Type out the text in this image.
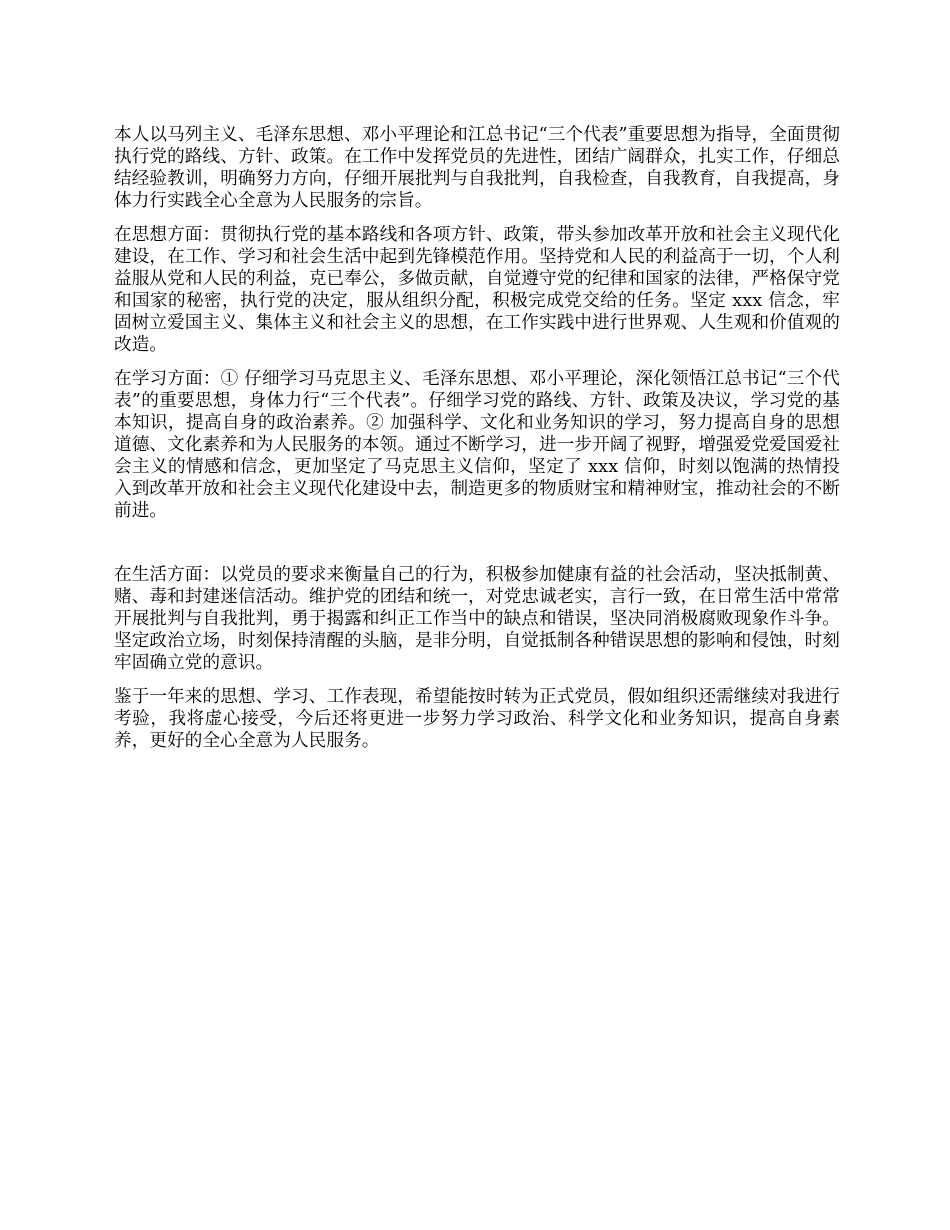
本人以马列主义、毛泽东思想、邓小平理论和江总书记“三个代表”重要思想为指导，全面贯彻执行党的路线、方针、政策。在工作中发挥党员的先进性，团结广阔群众，扎实工作，仔细总结经验教训，明确努力方向，仔细开展批判与自我批判，自我检查，自我教育，自我提高，身体力行实践全心全意为人民服务的宗旨。

在思想方面：贯彻执行党的基本路线和各项方针、政策，带头参加改革开放和社会主义现代化建设，在工作、学习和社会生活中起到先锋模范作用。坚持党和人民的利益高于一切，个人利益服从党和人民的利益，克已奉公，多做贡献，自觉遵守党的纪律和国家的法律，严格保守党和国家的秘密，执行党的决定，服从组织分配，积极完成党交给的任务。坚定 xxx 信念，牢固树立爱国主义、集体主义和社会主义的思想，在工作实践中进行世界观、人生观和价值观的改造。

在学习方面：① 仔细学习马克思主义、毛泽东思想、邓小平理论，深化领悟江总书记“三个代表”的重要思想，身体力行“三个代表”。仔细学习党的路线、方针、政策及决议，学习党的基本知识，提高自身的政治素养。② 加强科学、文化和业务知识的学习，努力提高自身的思想道德、文化素养和为人民服务的本领。通过不断学习，进一步开阔了视野，增强爱党爱国爱社会主义的情感和信念，更加坚定了马克思主义信仰，坚定了 xxx 信仰，时刻以饱满的热情投入到改革开放和社会主义现代化建设中去，制造更多的物质财宝和精神财宝，推动社会的不断前进。

在生活方面：以党员的要求来衡量自己的行为，积极参加健康有益的社会活动，坚决抵制黄、赌、毒和封建迷信活动。维护党的团结和统一，对党忠诚老实，言行一致，在日常生活中常常开展批判与自我批判，勇于揭露和纠正工作当中的缺点和错误，坚决同消极腐败现象作斗争。坚定政治立场，时刻保持清醒的头脑，是非分明，自觉抵制各种错误思想的影响和侵蚀，时刻牢固确立党的意识。

鉴于一年来的思想、学习、工作表现，希望能按时转为正式党员，假如组织还需继续对我进行考验，我将虚心接受，今后还将更进一步努力学习政治、科学文化和业务知识，提高自身素养，更好的全心全意为人民服务。
